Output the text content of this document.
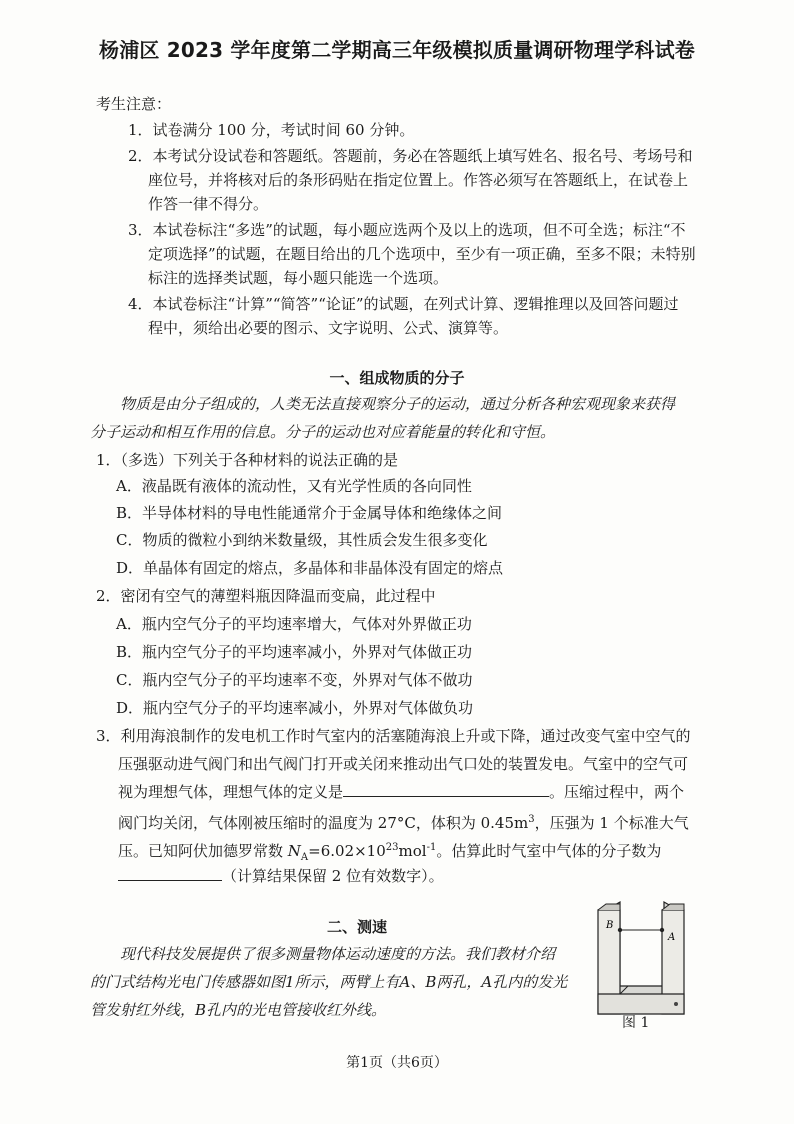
杨浦区 2023 学年度第二学期高三年级模拟质量调研物理学科试卷
考生注意：
1．试卷满分 100 分，考试时间 60 分钟。
2．本考试分设试卷和答题纸。答题前，务必在答题纸上填写姓名、报名号、考场号和
座位号，并将核对后的条形码贴在指定位置上。作答必须写在答题纸上，在试卷上
作答一律不得分。
3．本试卷标注“多选”的试题，每小题应选两个及以上的选项，但不可全选；标注“不
定项选择”的试题，在题目给出的几个选项中，至少有一项正确，至多不限；未特别
标注的选择类试题，每小题只能选一个选项。
4．本试卷标注“计算”“简答”“论证”的试题，在列式计算、逻辑推理以及回答问题过
程中，须给出必要的图示、文字说明、公式、演算等。
一、组成物质的分子
物质是由分子组成的，人类无法直接观察分子的运动，通过分析各种宏观现象来获得
分子运动和相互作用的信息。分子的运动也对应着能量的转化和守恒。
1．（多选）下列关于各种材料的说法正确的是
A．液晶既有液体的流动性，又有光学性质的各向同性
B．半导体材料的导电性能通常介于金属导体和绝缘体之间
C．物质的微粒小到纳米数量级，其性质会发生很多变化
D．单晶体有固定的熔点，多晶体和非晶体没有固定的熔点
2．密闭有空气的薄塑料瓶因降温而变扁，此过程中
A．瓶内空气分子的平均速率增大，气体对外界做正功
B．瓶内空气分子的平均速率减小，外界对气体做正功
C．瓶内空气分子的平均速率不变，外界对气体不做功
D．瓶内空气分子的平均速率减小，外界对气体做负功
3．利用海浪制作的发电机工作时气室内的活塞随海浪上升或下降，通过改变气室中空气的
压强驱动进气阀门和出气阀门打开或关闭来推动出气口处的装置发电。气室中的空气可
视为理想气体，理想气体的定义是	。压缩过程中，两个
阀门均关闭，气体刚被压缩时的温度为 27°C，体积为 $0.45m^3$，压强为 1 个标准大气
压。已知阿伏加德罗常数 $N_A=6.02\times 10^{23}mol^{-1}$。估算此时气室中气体的分子数为
（计算结果保留 2 位有效数字）。
二、测速
现代科技发展提供了很多测量物体运动速度的方法。我们教材介绍
的门式结构光电门传感器如图1所示，两臂上有A、B两孔，A孔内的发光
管发射红外线，B孔内的光电管接收红外线。
B
A
图 1
第1页（共6页）
